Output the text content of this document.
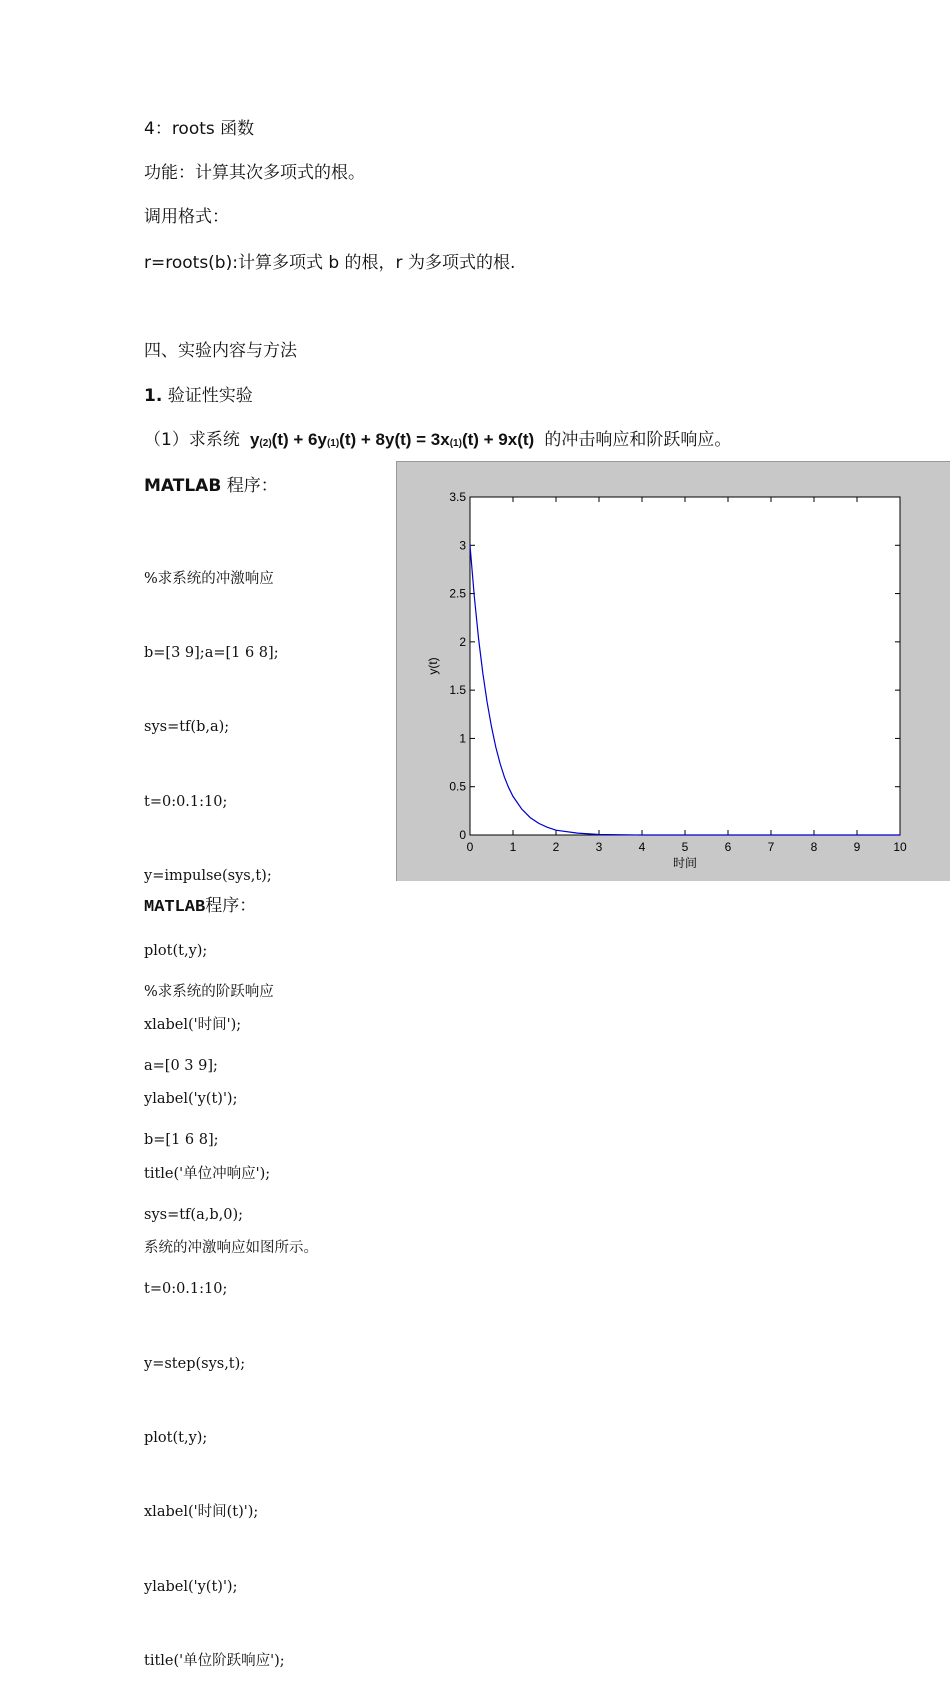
4：roots 函数
功能：计算其次多项式的根。
调用格式：
r=roots(b):计算多项式 b 的根，r 为多项式的根.
四、实验内容与方法
1. 验证性实验
（1）求系统  $y_{(2)}(t) + 6y_{(1)}(t) + 8y(t) = 3x_{(1)}(t) + 9x(t)$  的冲击响应和阶跃响应。
MATLAB 程序：

%求系统的冲激响应

b=[3 9];a=[1 6 8];

sys=tf(b,a);

t=0:0.1:10;

y=impulse(sys,t);

plot(t,y);

xlabel('时间');

ylabel('y(t)');

title('单位冲响应');

系统的冲激响应如图所示。

0	1	2	3	4	5	6	7	8	9	10
0
0.5
1
1.5
2
2.5
3
3.5
时间
y(t)
MATLAB程序：

%求系统的阶跃响应

a=[0 3 9];

b=[1 6 8];

sys=tf(a,b,0);

t=0:0.1:10;

y=step(sys,t);

plot(t,y);

xlabel('时间(t)');

ylabel('y(t)');

title('单位阶跃响应');
